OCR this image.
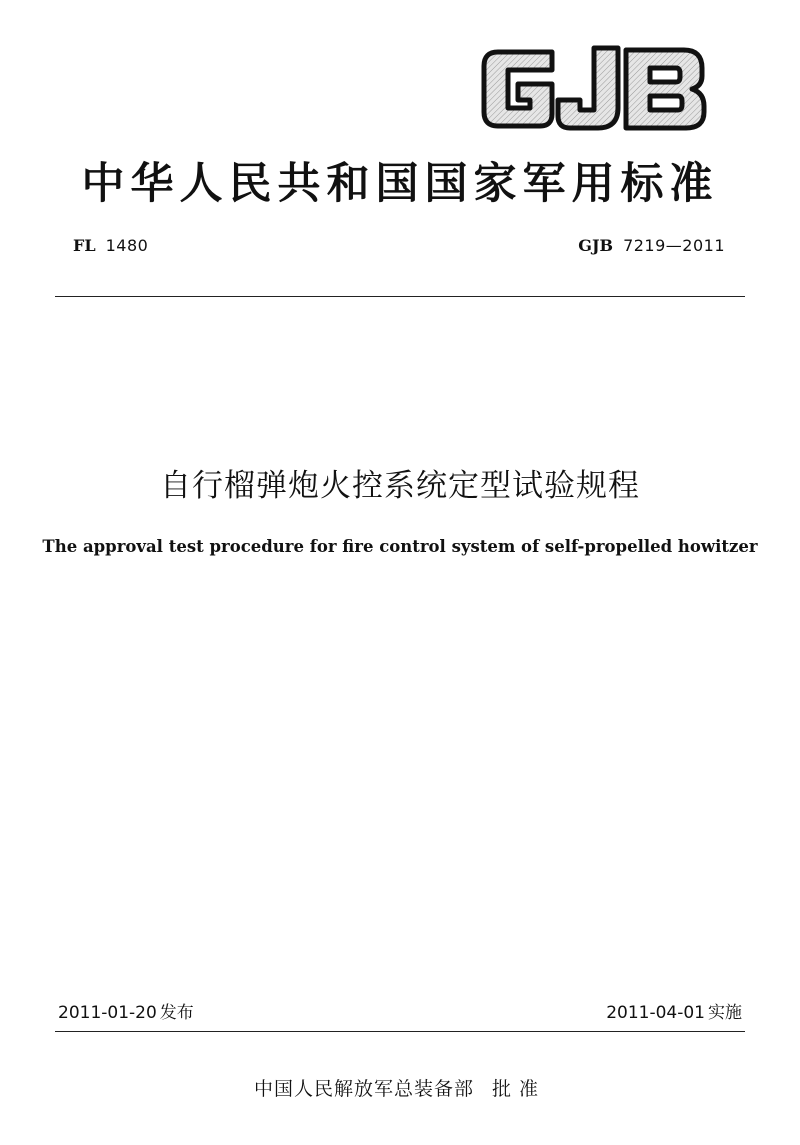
中华人民共和国国家军用标准
FL 1480	GJB 7219—2011
自行榴弹炮火控系统定型试验规程
The approval test procedure for fire control system of self-propelled howitzer
2011-01-20 发布	2011-04-01 实施
中国人民解放军总装备部 批准
